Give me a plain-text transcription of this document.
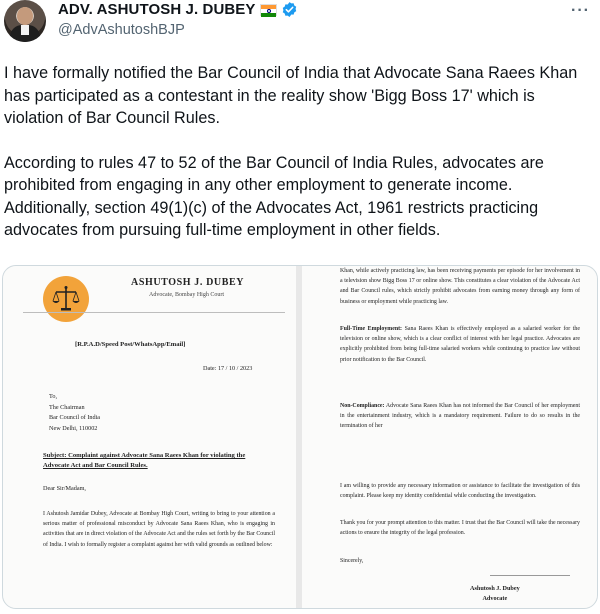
ADV. ASHUTOSH J. DUBEY
@AdvAshutoshBJP
···

I have formally notified the Bar Council of India that Advocate Sana Raees Khan has participated as a contestant in the reality show 'Bigg Boss 17' which is violation of Bar Council Rules.

According to rules 47 to 52 of the Bar Council of India Rules, advocates are prohibited from engaging in any other employment to generate income. Additionally, section 49(1)(c) of the Advocates Act, 1961 restricts practicing advocates from pursuing full-time employment in other fields.

ASHUTOSH J. DUBEY
Advocate, Bombay High Court
[R.P.A.D/Speed Post/WhatsApp/Email]
Date: 17 / 10 / 2023
To,
The Chairman
Bar Council of India
New Delhi, 110002
Subject: Complaint against Advocate Sana Raees Khan for violating the Advocate Act and Bar Council Rules.
Dear Sir/Madam,
I Ashutosh Jamidar Dubey, Advocate at Bombay High Court, writing to bring to your attention a serious matter of professional misconduct by Advocate Sana Raees Khan, who is engaging in activities that are in direct violation of the Advocate Act and the rules set forth by the Bar Council of India. I wish to formally register a complaint against her with valid grounds as outlined below:
Khan, while actively practicing law, has been receiving payments per episode for her involvement in a television show Bigg Boss 17 or online show. This constitutes a clear violation of the Advocate Act and Bar Council rules, which strictly prohibit advocates from earning money through any form of business or employment while practicing law.
Full-Time Employment: Sana Raees Khan is effectively employed as a salaried worker for the television or online show, which is a clear conflict of interest with her legal practice. Advocates are explicitly prohibited from being full-time salaried workers while continuing to practice law without prior notification to the Bar Council.
Non-Compliance: Advocate Sana Raees Khan has not informed the Bar Council of her employment in the entertainment industry, which is a mandatory requirement. Failure to do so results in the termination of her
I am willing to provide any necessary information or assistance to facilitate the investigation of this complaint. Please keep my identity confidential while conducting the investigation.
Thank you for your prompt attention to this matter. I trust that the Bar Council will take the necessary actions to ensure the integrity of the legal profession.
Sincerely,
Ashutosh J. Dubey
Advocate
